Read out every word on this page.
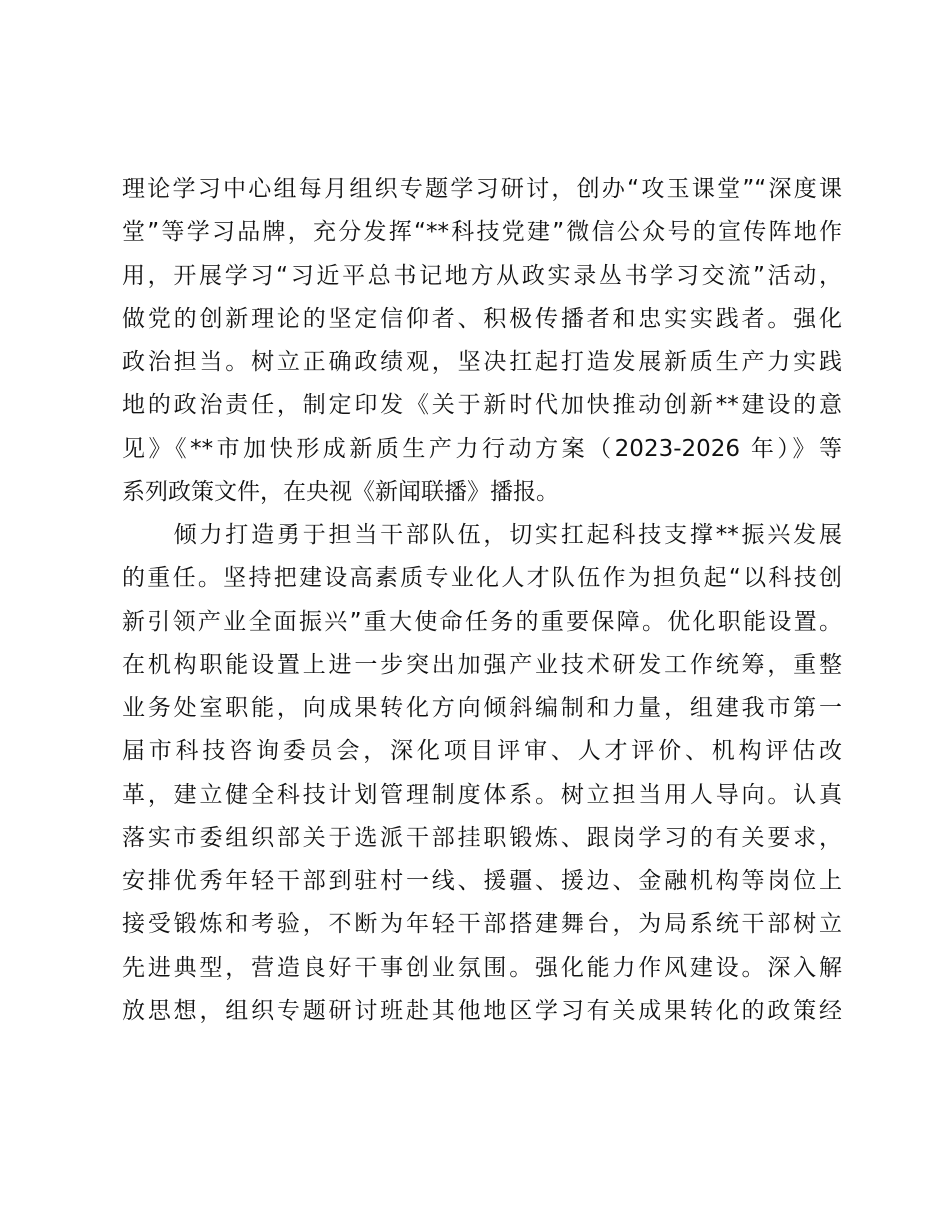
理论学习中心组每月组织专题学习研讨，创办“攻玉课堂”“深度课
堂”等学习品牌，充分发挥“**科技党建”微信公众号的宣传阵地作
用，开展学习“习近平总书记地方从政实录丛书学习交流”活动，
做党的创新理论的坚定信仰者、积极传播者和忠实实践者。强化
政治担当。树立正确政绩观，坚决扛起打造发展新质生产力实践
地的政治责任，制定印发《关于新时代加快推动创新**建设的意
见》《**市加快形成新质生产力行动方案（2023-2026 年）》等
系列政策文件，在央视《新闻联播》播报。
　　倾力打造勇于担当干部队伍，切实扛起科技支撑**振兴发展
的重任。坚持把建设高素质专业化人才队伍作为担负起“以科技创
新引领产业全面振兴”重大使命任务的重要保障。优化职能设置。
在机构职能设置上进一步突出加强产业技术研发工作统筹，重整
业务处室职能，向成果转化方向倾斜编制和力量，组建我市第一
届市科技咨询委员会，深化项目评审、人才评价、机构评估改
革，建立健全科技计划管理制度体系。树立担当用人导向。认真
落实市委组织部关于选派干部挂职锻炼、跟岗学习的有关要求，
安排优秀年轻干部到驻村一线、援疆、援边、金融机构等岗位上
接受锻炼和考验，不断为年轻干部搭建舞台，为局系统干部树立
先进典型，营造良好干事创业氛围。强化能力作风建设。深入解
放思想，组织专题研讨班赴其他地区学习有关成果转化的政策经
